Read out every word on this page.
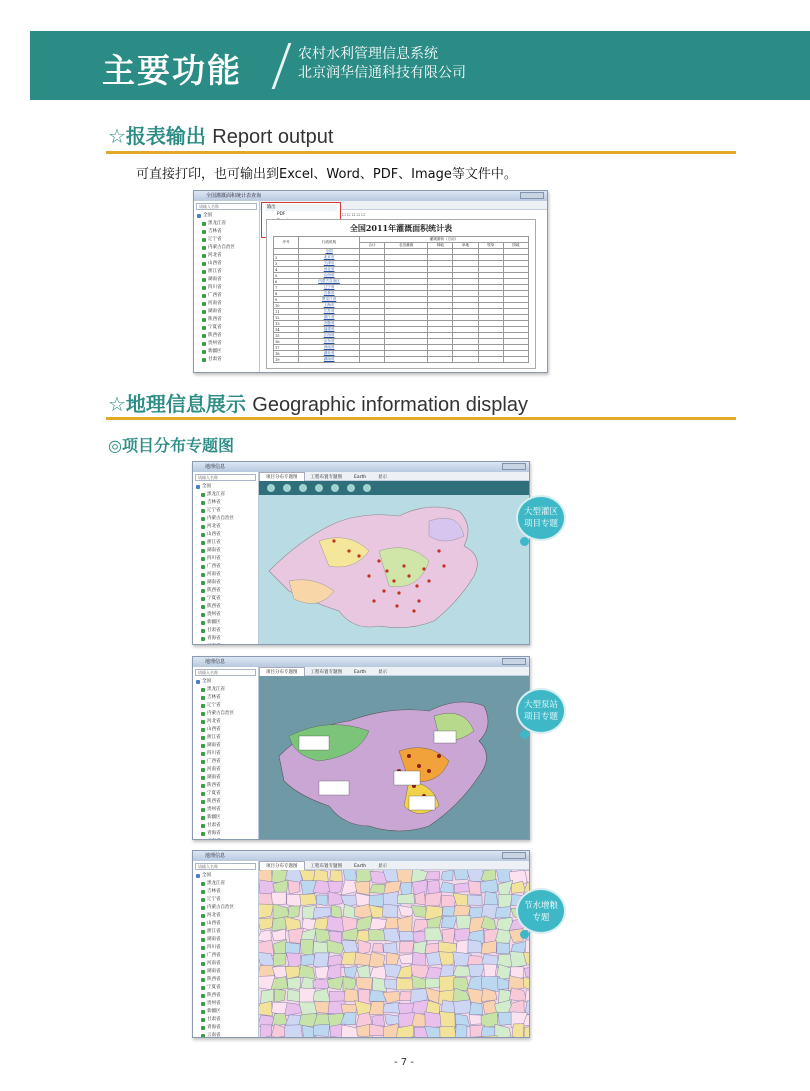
主要功能	农村水利管理信息系统
北京润华信通科技有限公司
☆报表输出 Report output
可直接打印，也可输出到Excel、Word、PDF、Image等文件中。
全国灌溉面积统计表查询
请输入名称
全国
黑龙江省
吉林省
辽宁省
内蒙古自治区
河北省
山西省
浙江省
湖南省
四川省
广西省
河南省
湖南省
陕西省
宁夏省
陕西省
贵州省
新疆区
甘肃省
输出
PDF	☐ ☐ ☐ ☐ ☐
全国2011年灌溉面积统计表
序号	行政机构	灌溉面积（万亩）					
		合计	农田灌溉	林地	草地	牧草	园地
	全国						
2	北京市						
3	天津市						
4	河北省						
5	山西省						
6	内蒙古自治区						
7	辽宁省						
8	吉林省						
9	黑龙江省						
10	上海市						
11	江苏省						
12	浙江省						
13	安徽省						
14	福建省						
15	江西省						
16	山东省						
17	河南省						
18	湖北省						
19	湖南省						
☆地理信息展示 Geographic information display
◎项目分布专题图
地理信息
请输入名称
全国
黑龙江省
吉林省
辽宁省
内蒙古自治区
河北省
山西省
浙江省
湖南省
四川省
广西省
河南省
湖南省
陕西省
宁夏省
陕西省
贵州省
新疆区
甘肃省
青海省
项目分布专题图	工程布置专题图	Earth	显示
大型灌区
项目专题
地理信息
请输入名称
全国
黑龙江省
吉林省
辽宁省
内蒙古自治区
河北省
山西省
浙江省
湖南省
四川省
广西省
河南省
湖南省
陕西省
宁夏省
陕西省
贵州省
新疆区
甘肃省
青海省
项目分布专题图	工程布置专题图	Earth	显示
大型泵站
项目专题
地理信息
请输入名称
全国
黑龙江省
吉林省
辽宁省
内蒙古自治区
河北省
山西省
浙江省
湖南省
四川省
广西省
河南省
湖南省
陕西省
宁夏省
陕西省
贵州省
新疆区
甘肃省
青海省
云南省
项目分布专题图	工程布置专题图	Earth	显示
节水增粮
专题
- 7 -
